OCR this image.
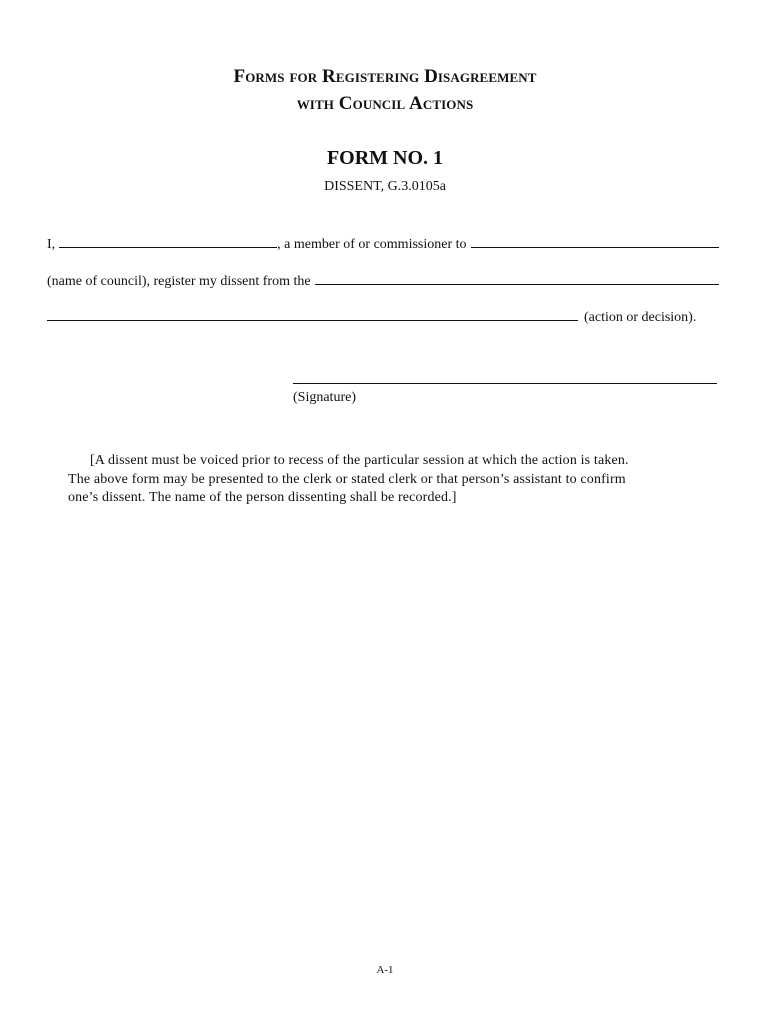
Forms for Registering Disagreement
with Council Actions
FORM NO. 1
DISSENT, G.3.0105a
I,	, a member of or commissioner to
(name of council), register my dissent from the
(action or decision).
(Signature)
[A dissent must be voiced prior to recess of the particular session at which the action is taken.
The above form may be presented to the clerk or stated clerk or that person’s assistant to confirm
one’s dissent. The name of the person dissenting shall be recorded.]
A-1
